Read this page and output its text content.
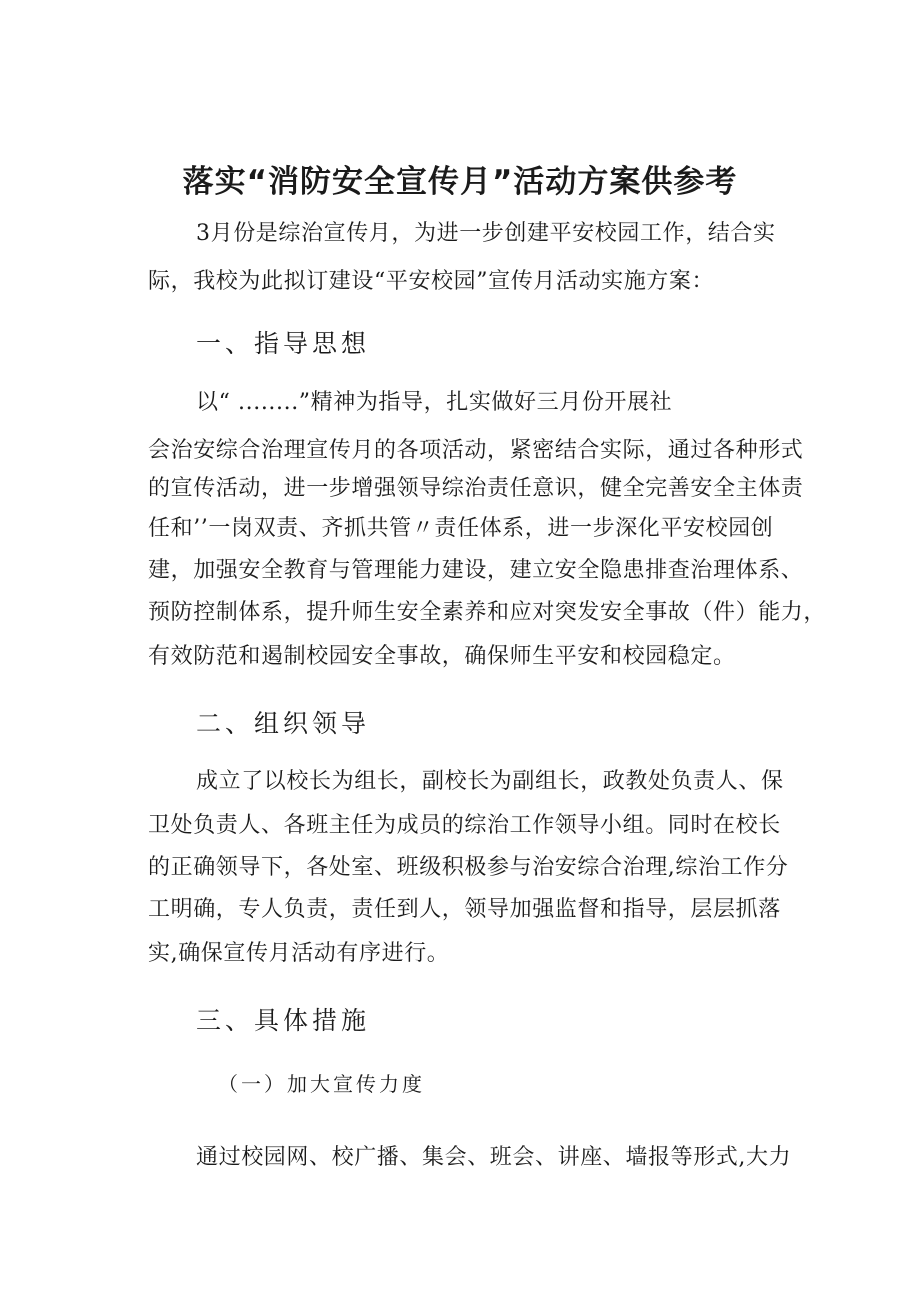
落实“消防安全宣传月”活动方案供参考
3月份是综治宣传月，为进一步创建平安校园工作，结合实
际，我校为此拟订建设“平安校园”宣传月活动实施方案：
一、指导思想
以“ ........”精神为指导，扎实做好三月份开展社
会治安综合治理宣传月的各项活动，紧密结合实际，通过各种形式
的宣传活动，进一步增强领导综治责任意识，健全完善安全主体责
任和’’一岗双责、齐抓共管〃责任体系，进一步深化平安校园创
建，加强安全教育与管理能力建设，建立安全隐患排查治理体系、
预防控制体系，提升师生安全素养和应对突发安全事故（件）能力，
有效防范和遏制校园安全事故，确保师生平安和校园稳定。
二、组织领导
成立了以校长为组长，副校长为副组长，政教处负责人、保
卫处负责人、各班主任为成员的综治工作领导小组。同时在校长
的正确领导下，各处室、班级积极参与治安综合治理,综治工作分
工明确，专人负责，责任到人，领导加强监督和指导，层层抓落
实,确保宣传月活动有序进行。
三、具体措施
（一）加大宣传力度
通过校园网、校广播、集会、班会、讲座、墙报等形式,大力
